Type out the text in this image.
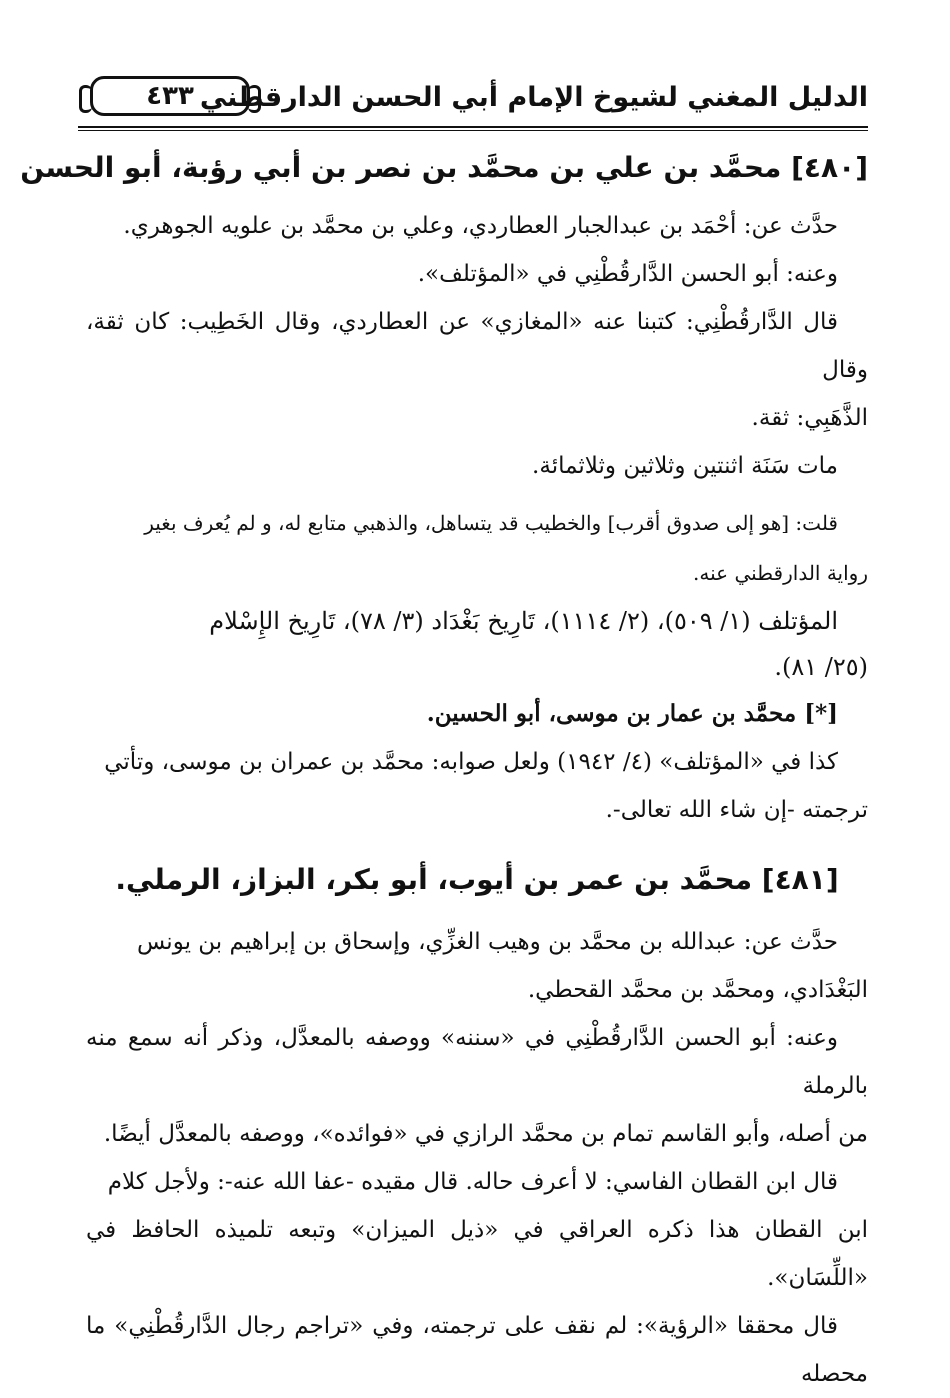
الدليل المغني لشيوخ الإمام أبي الحسن الدارقطني
٤٣٣
[٤٨٠] محمَّد بن علي بن محمَّد بن نصر بن أبي رؤبة، أبو الحسن

حدَّث عن: أحْمَد بن عبدالجبار العطاردي، وعلي بن محمَّد بن علويه الجوهري.

وعنه: أبو الحسن الدَّارقُطْنِي في «المؤتلف».

قال الدَّارقُطْنِي: كتبنا عنه «المغازي» عن العطاردي، وقال الخَطِيب: كان ثقة، وقال

الذَّهَبِي: ثقة.

مات سَنَة اثنتين وثلاثين وثلاثمائة.

قلت: [هو إلى صدوق أقرب] والخطيب قد يتساهل، والذهبي متابع له، و لم يُعرف بغير

رواية الدارقطني عنه.

المؤتلف (١/ ٥٠٩)، (٢/ ١١١٤)، تَارِيخ بَغْدَاد (٣/ ٧٨)، تَارِيخ الإِسْلام

(٢٥/ ٨١).

[*] محمَّد بن عمار بن موسى، أبو الحسين.

كذا في «المؤتلف» (٤/ ١٩٤٢) ولعل صوابه: محمَّد بن عمران بن موسى، وتأتي

ترجمته -إن شاء الله تعالى-.

[٤٨١] محمَّد بن عمر بن أيوب، أبو بكر، البزاز، الرملي.

حدَّث عن: عبدالله بن محمَّد بن وهيب الغزِّي، وإسحاق بن إبراهيم بن يونس

البَغْدَادي، ومحمَّد بن محمَّد القحطي.

وعنه: أبو الحسن الدَّارقُطْنِي في «سننه» ووصفه بالمعدَّل، وذكر أنه سمع منه بالرملة

من أصله، وأبو القاسم تمام بن محمَّد الرازي في «فوائده»، ووصفه بالمعدَّل أيضًا.

قال ابن القطان الفاسي: لا أعرف حاله. قال مقيده -عفا الله عنه-: ولأجل كلام

ابن القطان هذا ذكره العراقي في «ذيل الميزان» وتبعه تلميذه الحافظ في «اللِّسَان».

قال محققا «الرؤية»: لم نقف على ترجمته، وفي «تراجم رجال الدَّارقُطْنِي» ما محصله
